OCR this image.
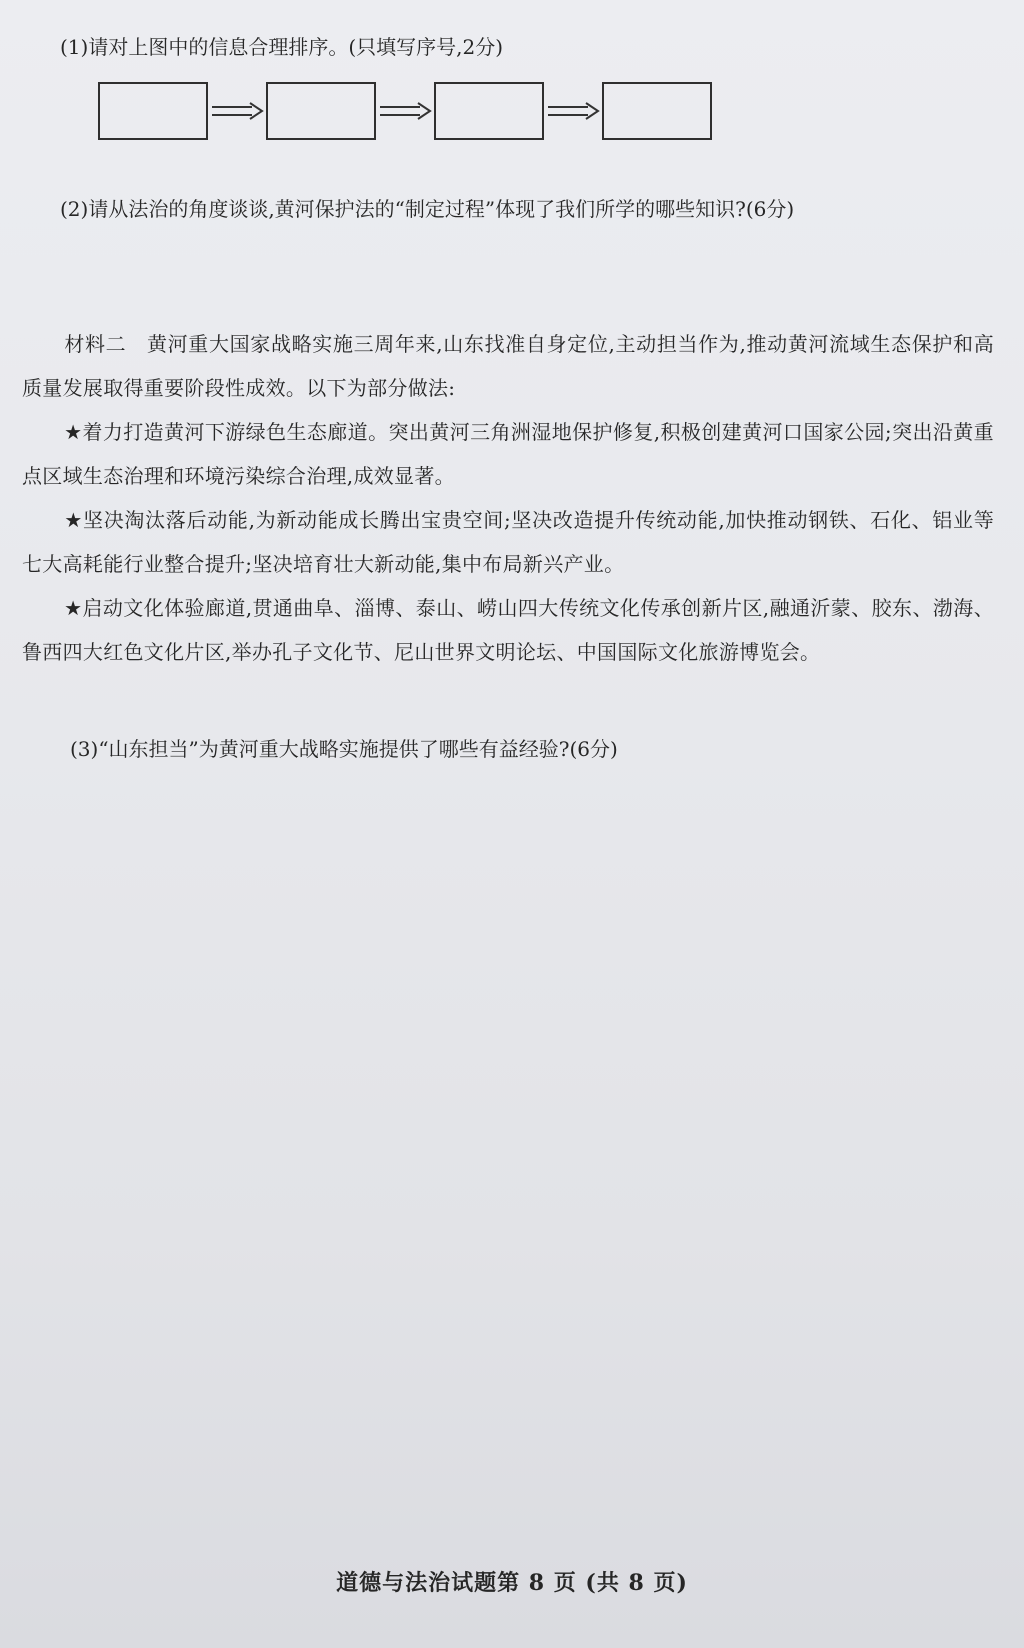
(1)请对上图中的信息合理排序。(只填写序号,2分)
(2)请从法治的角度谈谈,黄河保护法的“制定过程”体现了我们所学的哪些知识?(6分)
材料二　黄河重大国家战略实施三周年来,山东找准自身定位,主动担当作为,推动黄河流域生态保护和高质量发展取得重要阶段性成效。以下为部分做法:
★着力打造黄河下游绿色生态廊道。突出黄河三角洲湿地保护修复,积极创建黄河口国家公园;突出沿黄重点区域生态治理和环境污染综合治理,成效显著。
★坚决淘汰落后动能,为新动能成长腾出宝贵空间;坚决改造提升传统动能,加快推动钢铁、石化、铝业等七大高耗能行业整合提升;坚决培育壮大新动能,集中布局新兴产业。
★启动文化体验廊道,贯通曲阜、淄博、泰山、崂山四大传统文化传承创新片区,融通沂蒙、胶东、渤海、鲁西四大红色文化片区,举办孔子文化节、尼山世界文明论坛、中国国际文化旅游博览会。
(3)“山东担当”为黄河重大战略实施提供了哪些有益经验?(6分)
道德与法治试题第 8 页 (共 8 页)
